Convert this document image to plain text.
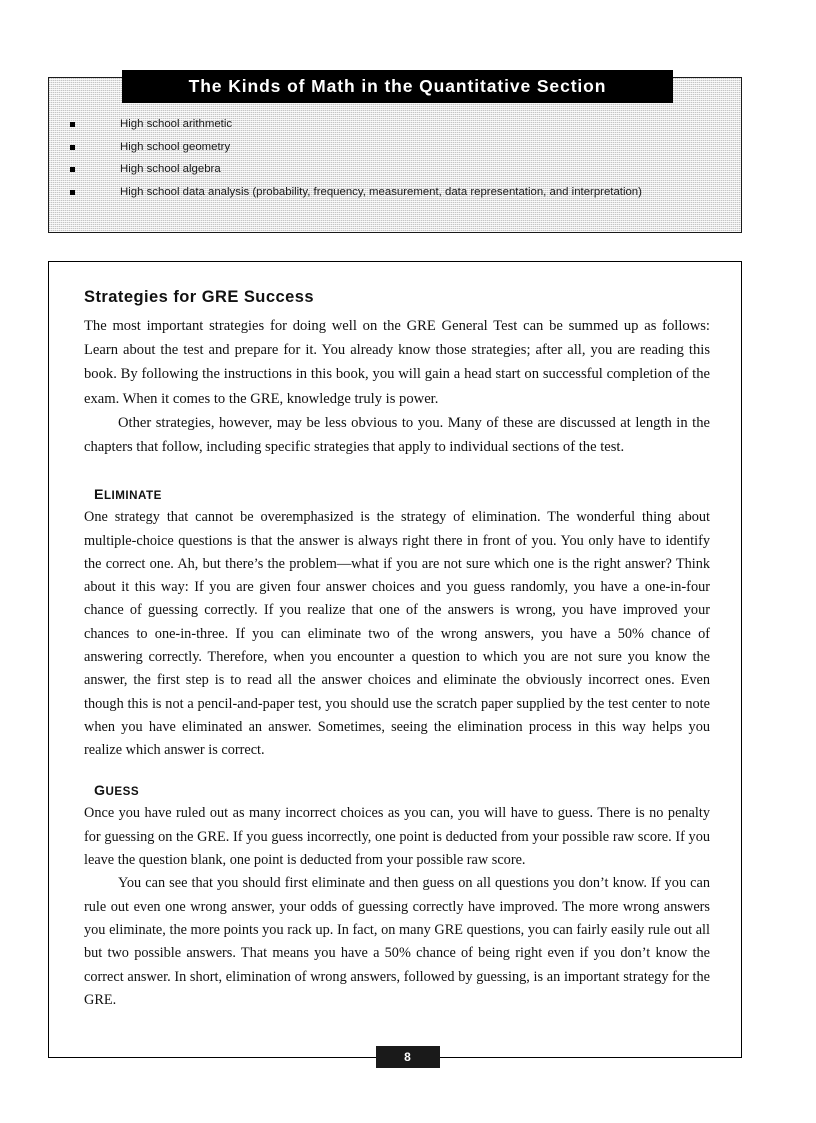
The Kinds of Math in the Quantitative Section
High school arithmetic
High school geometry
High school algebra
High school data analysis (probability, frequency, measurement, data representation, and interpretation)
Strategies for GRE Success

The most important strategies for doing well on the GRE General Test can be summed up as follows: Learn about the test and prepare for it. You already know those strategies; after all, you are reading this book. By following the instructions in this book, you will gain a head start on successful completion of the exam. When it comes to the GRE, knowledge truly is power.

Other strategies, however, may be less obvious to you. Many of these are discussed at length in the chapters that follow, including specific strategies that apply to individual sections of the test.

ELIMINATE

One strategy that cannot be overemphasized is the strategy of elimination. The wonderful thing about multiple-choice questions is that the answer is always right there in front of you. You only have to identify the correct one. Ah, but there’s the problem—what if you are not sure which one is the right answer? Think about it this way: If you are given four answer choices and you guess randomly, you have a one-in-four chance of guessing correctly. If you realize that one of the answers is wrong, you have improved your chances to one-in-three. If you can eliminate two of the wrong answers, you have a 50% chance of answering correctly. Therefore, when you encounter a question to which you are not sure you know the answer, the first step is to read all the answer choices and eliminate the obviously incorrect ones. Even though this is not a pencil-and-paper test, you should use the scratch paper supplied by the test center to note when you have eliminated an answer. Sometimes, seeing the elimination process in this way helps you realize which answer is correct.

GUESS

Once you have ruled out as many incorrect choices as you can, you will have to guess. There is no penalty for guessing on the GRE. If you guess incorrectly, one point is deducted from your possible raw score. If you leave the question blank, one point is deducted from your possible raw score.

You can see that you should first eliminate and then guess on all questions you don’t know. If you can rule out even one wrong answer, your odds of guessing correctly have improved. The more wrong answers you eliminate, the more points you rack up. In fact, on many GRE questions, you can fairly easily rule out all but two possible answers. That means you have a 50% chance of being right even if you don’t know the correct answer. In short, elimination of wrong answers, followed by guessing, is an important strategy for the GRE.

8
